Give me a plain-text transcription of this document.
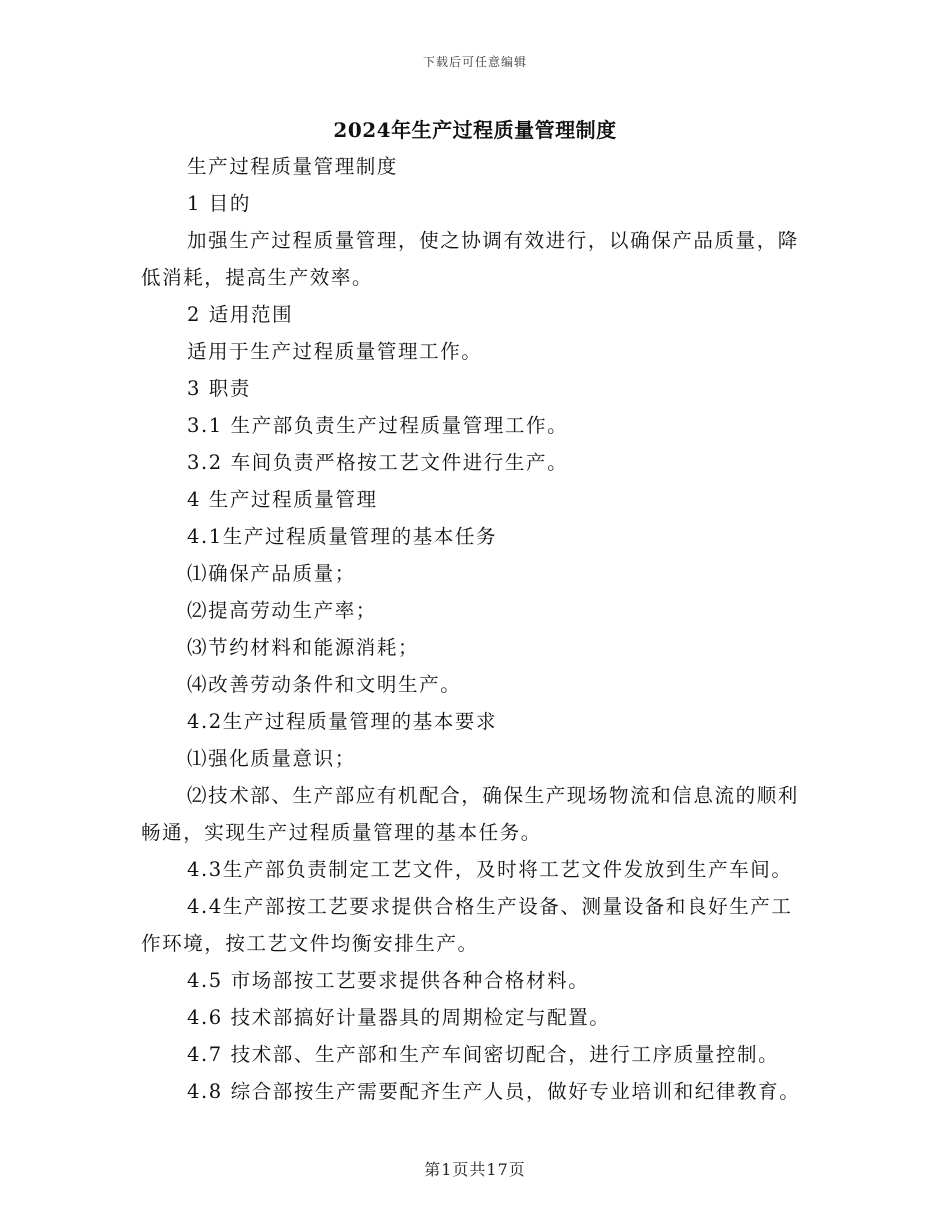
下载后可任意编辑
2024年生产过程质量管理制度

生产过程质量管理制度

1 目的

加强生产过程质量管理，使之协调有效进行，以确保产品质量，降低消耗，提高生产效率。

2 适用范围

适用于生产过程质量管理工作。

3 职责

3.1 生产部负责生产过程质量管理工作。

3.2 车间负责严格按工艺文件进行生产。

4 生产过程质量管理

4.1生产过程质量管理的基本任务

⑴确保产品质量；

⑵提高劳动生产率；

⑶节约材料和能源消耗；

⑷改善劳动条件和文明生产。

4.2生产过程质量管理的基本要求

⑴强化质量意识；

⑵技术部、生产部应有机配合，确保生产现场物流和信息流的顺利畅通，实现生产过程质量管理的基本任务。

4.3生产部负责制定工艺文件，及时将工艺文件发放到生产车间。

4.4生产部按工艺要求提供合格生产设备、测量设备和良好生产工作环境，按工艺文件均衡安排生产。

4.5 市场部按工艺要求提供各种合格材料。

4.6 技术部搞好计量器具的周期检定与配置。

4.7 技术部、生产部和生产车间密切配合，进行工序质量控制。

4.8 综合部按生产需要配齐生产人员，做好专业培训和纪律教育。

第1页共17页
